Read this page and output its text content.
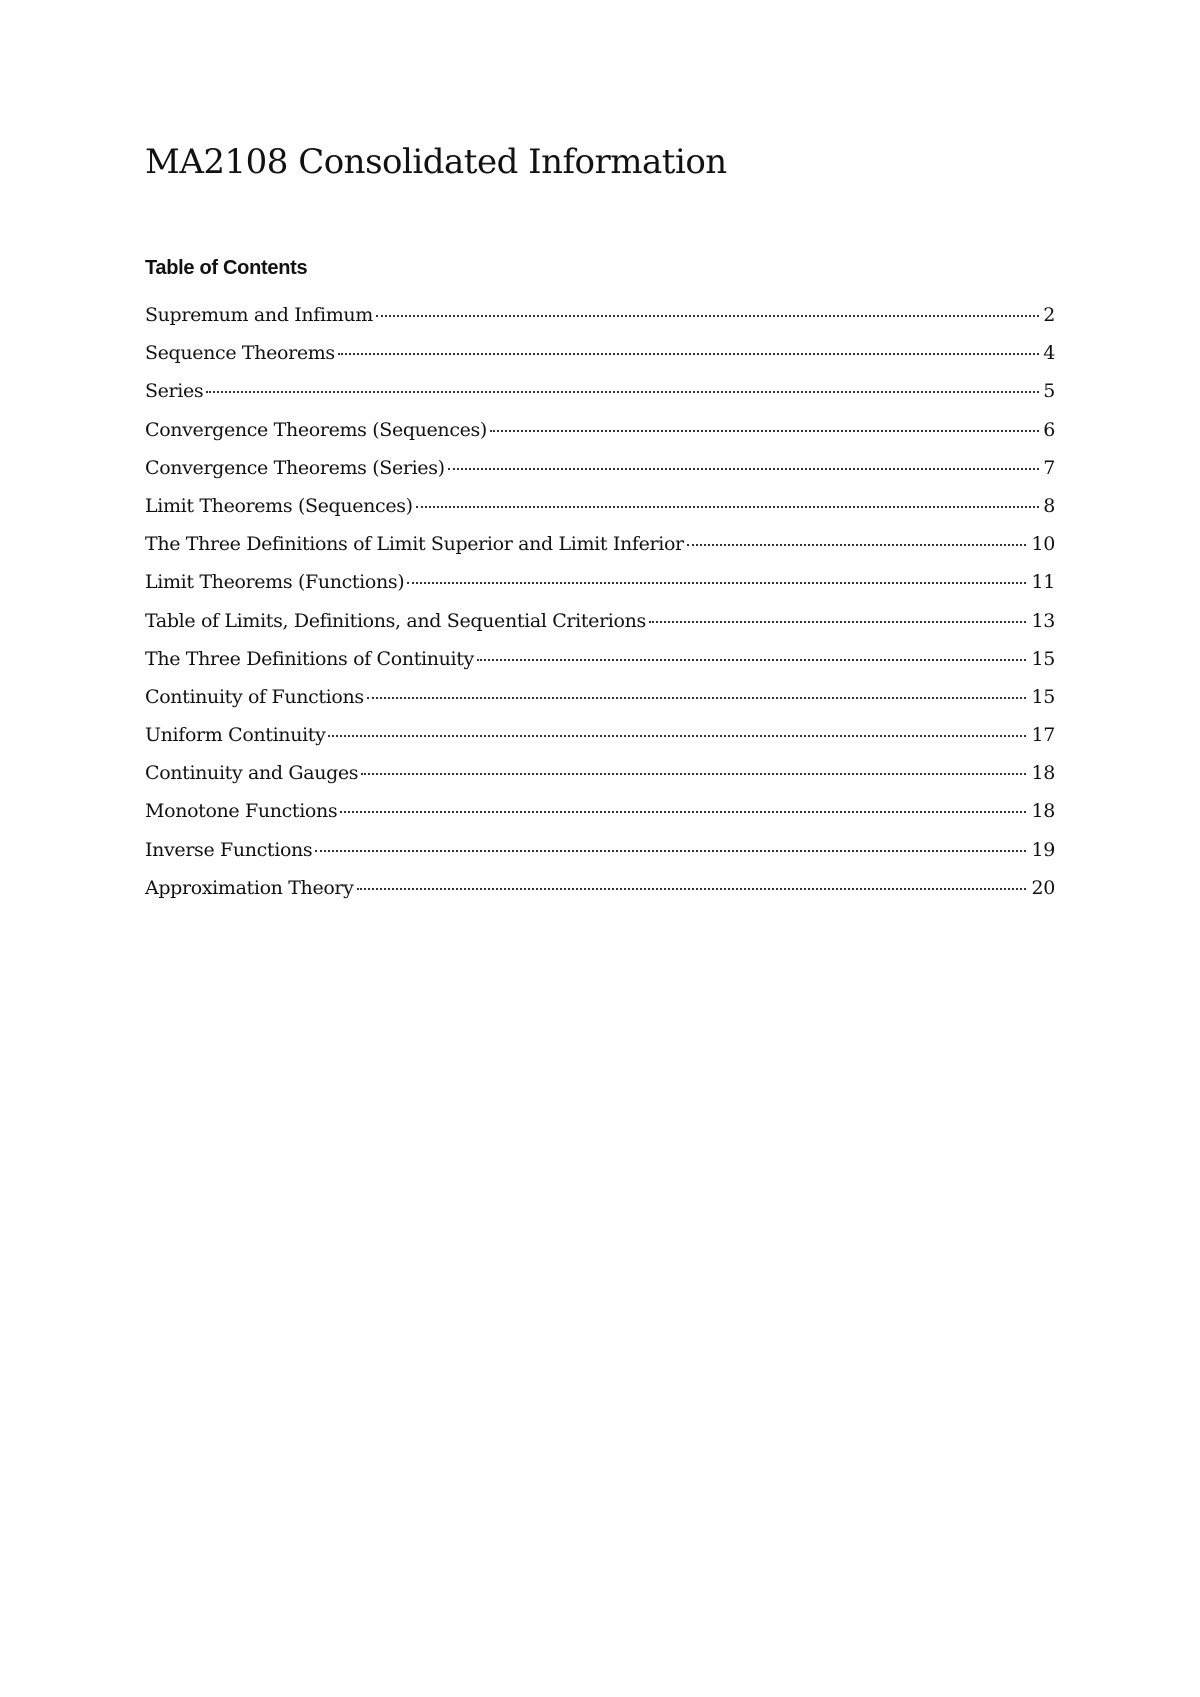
MA2108 Consolidated Information
Table of Contents
Supremum and Infimum	2
Sequence Theorems	4
Series	5
Convergence Theorems (Sequences)	6
Convergence Theorems (Series)	7
Limit Theorems (Sequences)	8
The Three Definitions of Limit Superior and Limit Inferior	10
Limit Theorems (Functions)	11
Table of Limits, Definitions, and Sequential Criterions	13
The Three Definitions of Continuity	15
Continuity of Functions	15
Uniform Continuity	17
Continuity and Gauges	18
Monotone Functions	18
Inverse Functions	19
Approximation Theory	20
